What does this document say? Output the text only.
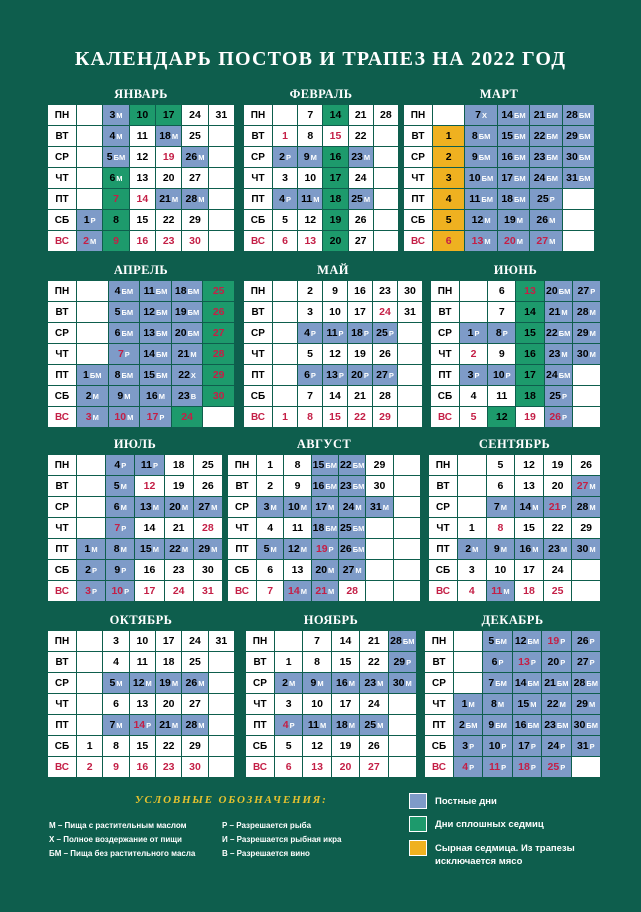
КАЛЕНДАРЬ ПОСТОВ И ТРАПЕЗ НА 2022 ГОД
ЯНВАРЬ
ПН	3 М 10 17 24 31
ВТ	4 М 11 18 М 25
СР	5 БМ 12 19 26 М
ЧТ	6 М 13 20 27
ПТ	7 14 21 М 28 М
СБ 1 Р 8 15 22 29
ВС 2 М 9 16 23 30
ФЕВРАЛЬ
ПН	7 14 21 28
ВТ 1 8 15 22
СР 2 Р 9 М 16 23 М
ЧТ 3 10 17 24
ПТ 4 Р 11 М 18 25 М
СБ 5 12 19 26
ВС 6 13 20 27
МАРТ
ПН	7 Х 14 БМ 21 БМ 28 БМ
ВТ 1 8 БМ 15 БМ 22 БМ 29 БМ
СР 2 9 БМ 16 БМ 23 БМ 30 БМ
ЧТ 3 10 БМ 17 БМ 24 БМ 31 БМ
ПТ 4 11 БМ 18 БМ 25 Р
СБ 5 12 М 19 М 26 М
ВС 6 13 М 20 М 27 М
АПРЕЛЬ
ПН	4 БМ 11 БМ 18 БМ 25
ВТ	5 БМ 12 БМ 19 БМ 26
СР	6 БМ 13 БМ 20 БМ 27
ЧТ	7 Р 14 БМ 21 М 28
ПТ 1 БМ 8 БМ 15 БМ 22 Х 29
СБ 2 М 9 М 16 М 23 В 30
ВС 3 М 10 М 17 Р 24
МАЙ
ПН	2 9 16 23 30
ВТ	3 10 17 24 31
СР	4 Р 11 Р 18 Р 25 Р
ЧТ	5 12 19 26
ПТ	6 Р 13 Р 20 Р 27 Р
СБ	7 14 21 28
ВС 1 8 15 22 29
ИЮНЬ
ПН	6 13 20 БМ 27 Р
ВТ	7 14 21 М 28 М
СР 1 Р 8 Р 15 22 БМ 29 М
ЧТ 2 9 16 23 М 30 М
ПТ 3 Р 10 Р 17 24 БМ
СБ 4 11 18 25 Р
ВС 5 12 19 26 Р
ИЮЛЬ
ПН	4 Р 11 Р 18 25
ВТ	5 М 12 19 26
СР	6 М 13 М 20 М 27 М
ЧТ	7 Р 14 21 28
ПТ 1 М 8 М 15 М 22 М 29 М
СБ 2 Р 9 Р 16 23 30
ВС 3 Р 10 Р 17 24 31
АВГУСТ
ПН 1 8 15 БМ 22 БМ 29
ВТ 2 9 16 БМ 23 БМ 30
СР 3 М 10 М 17 М 24 М 31 М
ЧТ 4 11 18 БМ 25 БМ
ПТ 5 М 12 М 19 Р 26 БМ
СБ 6 13 20 М 27 М
ВС 7 14 М 21 М 28
СЕНТЯБРЬ
ПН	5 12 19 26
ВТ	6 13 20 27 М
СР	7 М 14 М 21 Р 28 М
ЧТ 1 8 15 22 29
ПТ 2 М 9 М 16 М 23 М 30 М
СБ 3 10 17 24
ВС 4 11 М 18 25
ОКТЯБРЬ
ПН	3 10 17 24 31
ВТ	4 11 18 25
СР	5 М 12 М 19 М 26 М
ЧТ	6 13 20 27
ПТ	7 М 14 Р 21 М 28 М
СБ 1 8 15 22 29
ВС 2 9 16 23 30
НОЯБРЬ
ПН	7 14 21 28 БМ
ВТ 1 8 15 22 29 Р
СР 2 М 9 М 16 М 23 М 30 М
ЧТ 3 10 17 24
ПТ 4 Р 11 М 18 М 25 М
СБ 5 12 19 26
ВС 6 13 20 27
ДЕКАБРЬ
ПН	5 БМ 12 БМ 19 Р 26 Р
ВТ	6 Р 13 Р 20 Р 27 Р
СР	7 БМ 14 БМ 21 БМ 28 БМ
ЧТ 1 М 8 М 15 М 22 М 29 М
ПТ 2 БМ 9 БМ 16 БМ 23 БМ 30 БМ
СБ 3 Р 10 Р 17 Р 24 Р 31 Р
ВС 4 Р 11 Р 18 Р 25 Р
УСЛОВНЫЕ ОБОЗНАЧЕНИЯ:
М – Пища с растительным маслом
Х – Полное воздержание от пищи
БМ – Пища без растительного масла
Р – Разрешается рыба
И – Разрешается рыбная икра
В – Разрешается вино
Постные дни
Дни сплошных седмиц
Сырная седмица. Из трапезы исключается мясо
